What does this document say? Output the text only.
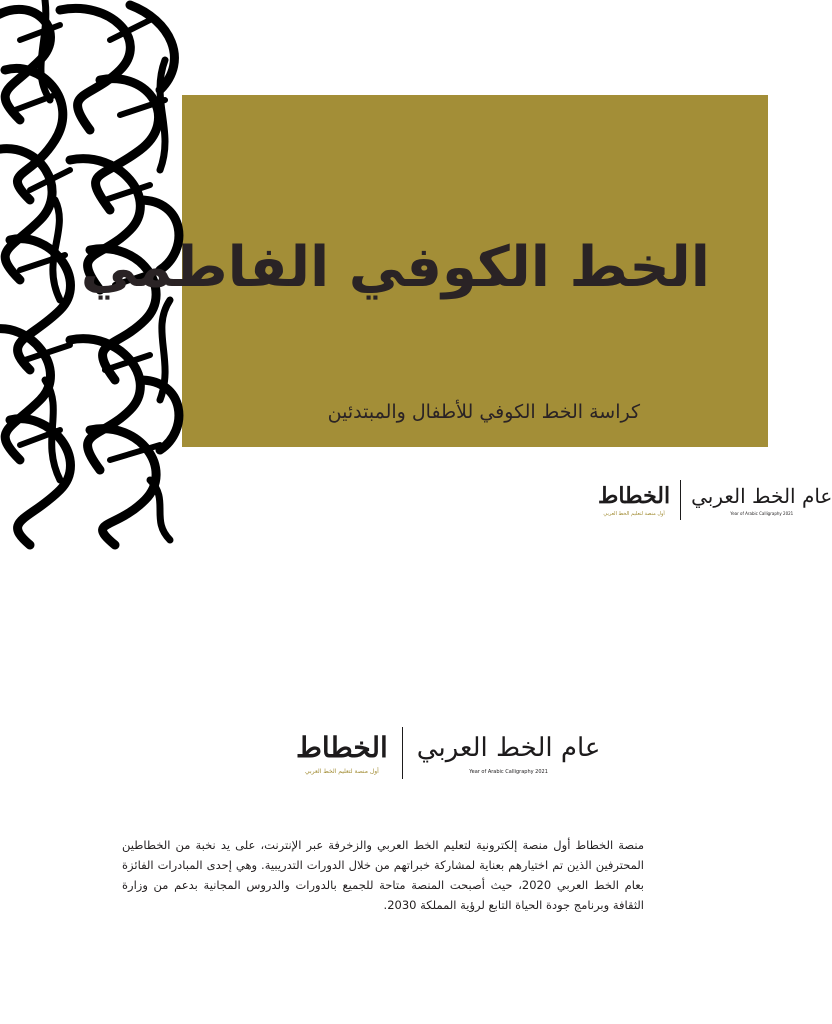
الخط الكوفي الفاطمي
كراسة الخط الكوفي للأطفال والمبتدئين
الخطاط
أول منصة لتعليم الخط العربي
عام الخط العربي
Year of Arabic Calligraphy 2021
الخطاط
أول منصة لتعليم الخط العربي
عام الخط العربي
Year of Arabic Calligraphy 2021

منصة الخطاط أول منصة إلكترونية لتعليم الخط العربي والزخرفة عبر الإنترنت، على يد نخبة من الخطاطين المحترفين الذين تم اختيارهم بعناية لمشاركة خبراتهم من خلال الدورات التدريبية. وهي إحدى المبادرات الفائزة بعام الخط العربي 2020، حيث أصبحت المنصة متاحة للجميع بالدورات والدروس المجانية بدعم من وزارة الثقافة وبرنامج جودة الحياة التابع لرؤية المملكة 2030.
